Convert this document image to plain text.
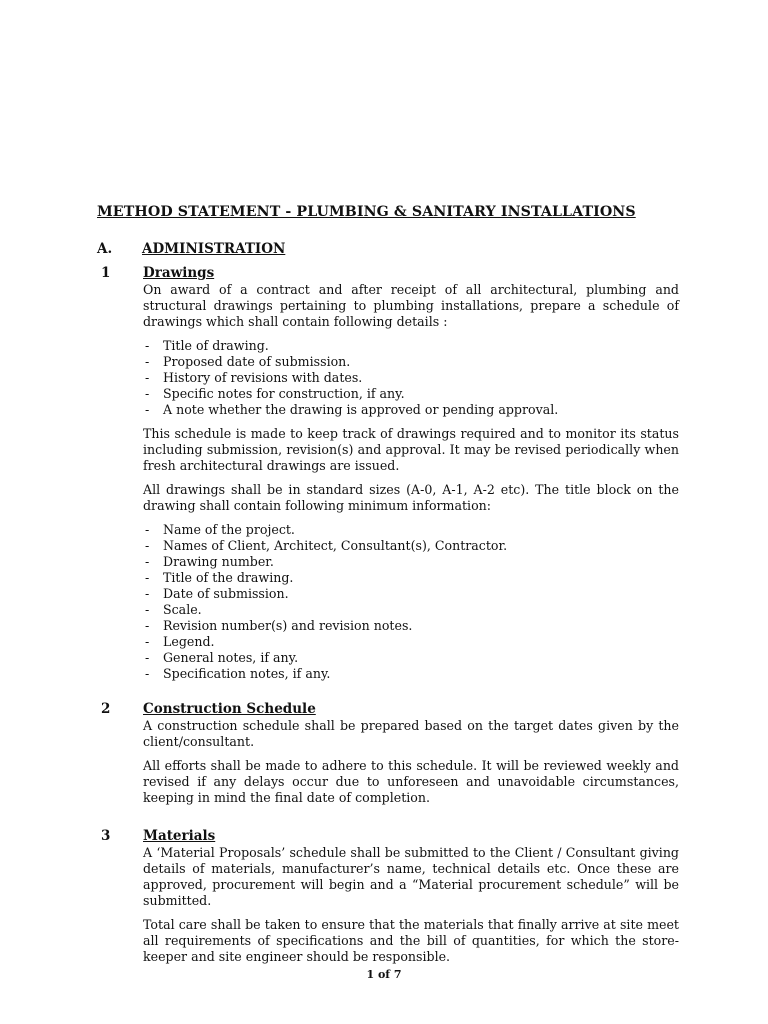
METHOD STATEMENT - PLUMBING & SANITARY INSTALLATIONS
A. ADMINISTRATION
1 Drawings

On award of a contract and after receipt of all architectural, plumbing and structural drawings pertaining to plumbing installations, prepare a schedule of drawings which shall contain following details :

- Title of drawing.
- Proposed date of submission.
- History of revisions with dates.
- Specific notes for construction, if any.
- A note whether the drawing is approved or pending approval.

This schedule is made to keep track of drawings required and to monitor its status including submission, revision(s) and approval. It may be revised periodically when fresh architectural drawings are issued.

All drawings shall be in standard sizes (A-0, A-1, A-2 etc). The title block on the drawing shall contain following minimum information:

- Name of the project.
- Names of Client, Architect, Consultant(s), Contractor.
- Drawing number.
- Title of the drawing.
- Date of submission.
- Scale.
- Revision number(s) and revision notes.
- Legend.
- General notes, if any.
- Specification notes, if any.
2 Construction Schedule

A construction schedule shall be prepared based on the target dates given by the client/consultant.

All efforts shall be made to adhere to this schedule. It will be reviewed weekly and revised if any delays occur due to unforeseen and unavoidable circumstances, keeping in mind the final date of completion.

3 Materials

A ‘Material Proposals’ schedule shall be submitted to the Client / Consultant giving details of materials, manufacturer’s name, technical details etc. Once these are approved, procurement will begin and a “Material procurement schedule” will be submitted.

Total care shall be taken to ensure that the materials that finally arrive at site meet all requirements of specifications and the bill of quantities, for which the store-keeper and site engineer should be responsible.

1 of 7
